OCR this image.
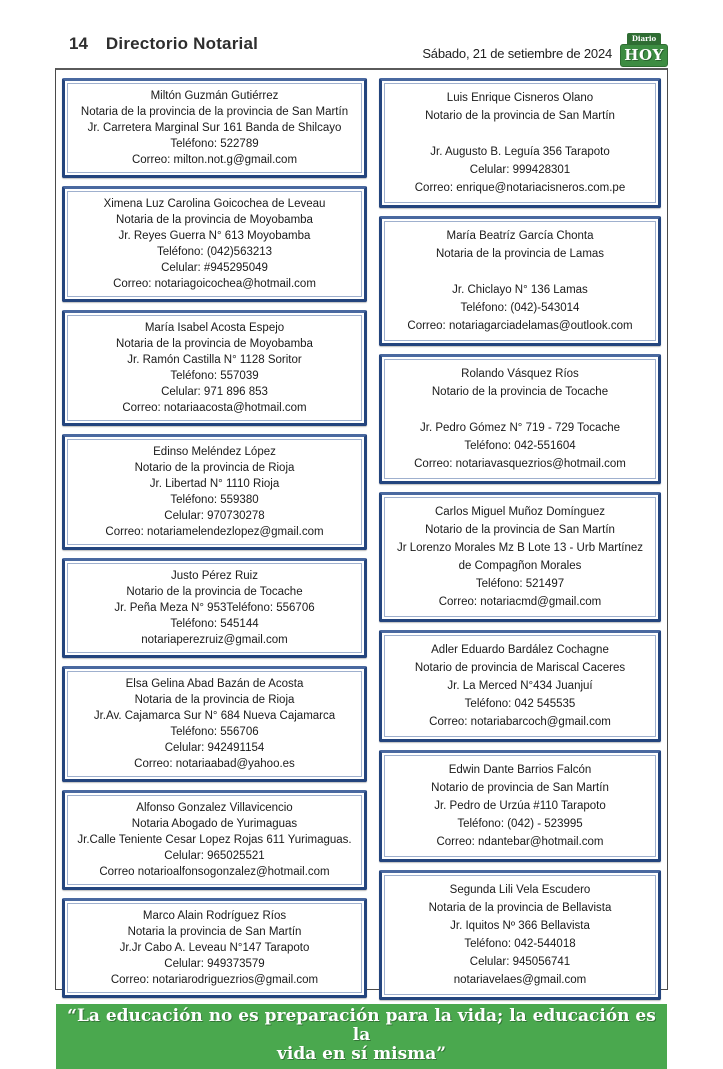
14 Directorio Notarial
Sábado, 21 de setiembre de 2024
Diario
HOY
Miltón Guzmán Gutiérrez
Notaria de la provincia de la provincia de San Martín
Jr. Carretera Marginal Sur 161 Banda de Shilcayo
Teléfono: 522789
Correo: milton.not.g@gmail.com
Ximena Luz Carolina Goicochea de Leveau
Notaria de la provincia de Moyobamba
Jr. Reyes Guerra N° 613 Moyobamba
Teléfono: (042)563213
Celular: #945295049
Correo: notariagoicochea@hotmail.com
María Isabel Acosta Espejo
Notaria de la provincia de Moyobamba
Jr. Ramón Castilla N° 1128 Soritor
Teléfono: 557039
Celular: 971 896 853
Correo: notariaacosta@hotmail.com
Edinso Meléndez López
Notario de la provincia de Rioja
Jr. Libertad N° 1110 Rioja
Teléfono: 559380
Celular: 970730278
Correo: notariamelendezlopez@gmail.com
Justo Pérez Ruiz
Notario de la provincia de Tocache
Jr. Peña Meza N° 953Teléfono: 556706
Teléfono: 545144
notariaperezruiz@gmail.com
Elsa Gelina Abad Bazán de Acosta
Notaria de la provincia de Rioja
Jr.Av. Cajamarca Sur N° 684 Nueva Cajamarca
Teléfono: 556706
Celular: 942491154
Correo: notariaabad@yahoo.es
Alfonso Gonzalez Villavicencio
Notaria Abogado de Yurimaguas
Jr.Calle Teniente Cesar Lopez Rojas 611 Yurimaguas.
Celular: 965025521
Correo notarioalfonsogonzalez@hotmail.com
Marco Alain Rodríguez Ríos
Notaria la provincia de San Martín
Jr.Jr Cabo A. Leveau N°147 Tarapoto
Celular: 949373579
Correo: notariarodriguezrios@gmail.com
Luis Enrique Cisneros Olano
Notario de la provincia de San Martín

Jr. Augusto B. Leguía 356 Tarapoto
Celular: 999428301
Correo: enrique@notariacisneros.com.pe
María Beatríz García Chonta
Notaria de la provincia de Lamas

Jr. Chiclayo N° 136 Lamas
Teléfono: (042)-543014
Correo: notariagarciadelamas@outlook.com
Rolando Vásquez Ríos
Notario de la provincia de Tocache

Jr. Pedro Gómez N° 719 - 729 Tocache
Teléfono: 042-551604
Correo: notariavasquezrios@hotmail.com
Carlos Miguel Muñoz Domínguez
Notario de la provincia de San Martín
Jr Lorenzo Morales Mz B Lote 13 - Urb Martínez
de Compagñon Morales
Teléfono: 521497
Correo: notariacmd@gmail.com
Adler Eduardo Bardález Cochagne
Notario de provincia de Mariscal Caceres
Jr. La Merced N°434 Juanjuí
Teléfono: 042 545535
Correo: notariabarcoch@gmail.com
Edwin Dante Barrios Falcón
Notario de provincia de San Martín
Jr. Pedro de Urzúa #110 Tarapoto
Teléfono: (042) - 523995
Correo: ndantebar@hotmail.com
Segunda Lili Vela Escudero
Notaria de la provincia de Bellavista
Jr. Iquitos Nº 366 Bellavista
Teléfono: 042-544018
Celular: 945056741
notariavelaes@gmail.com
“La educación no es preparación para la vida; la educación es la
vida en sí misma”
